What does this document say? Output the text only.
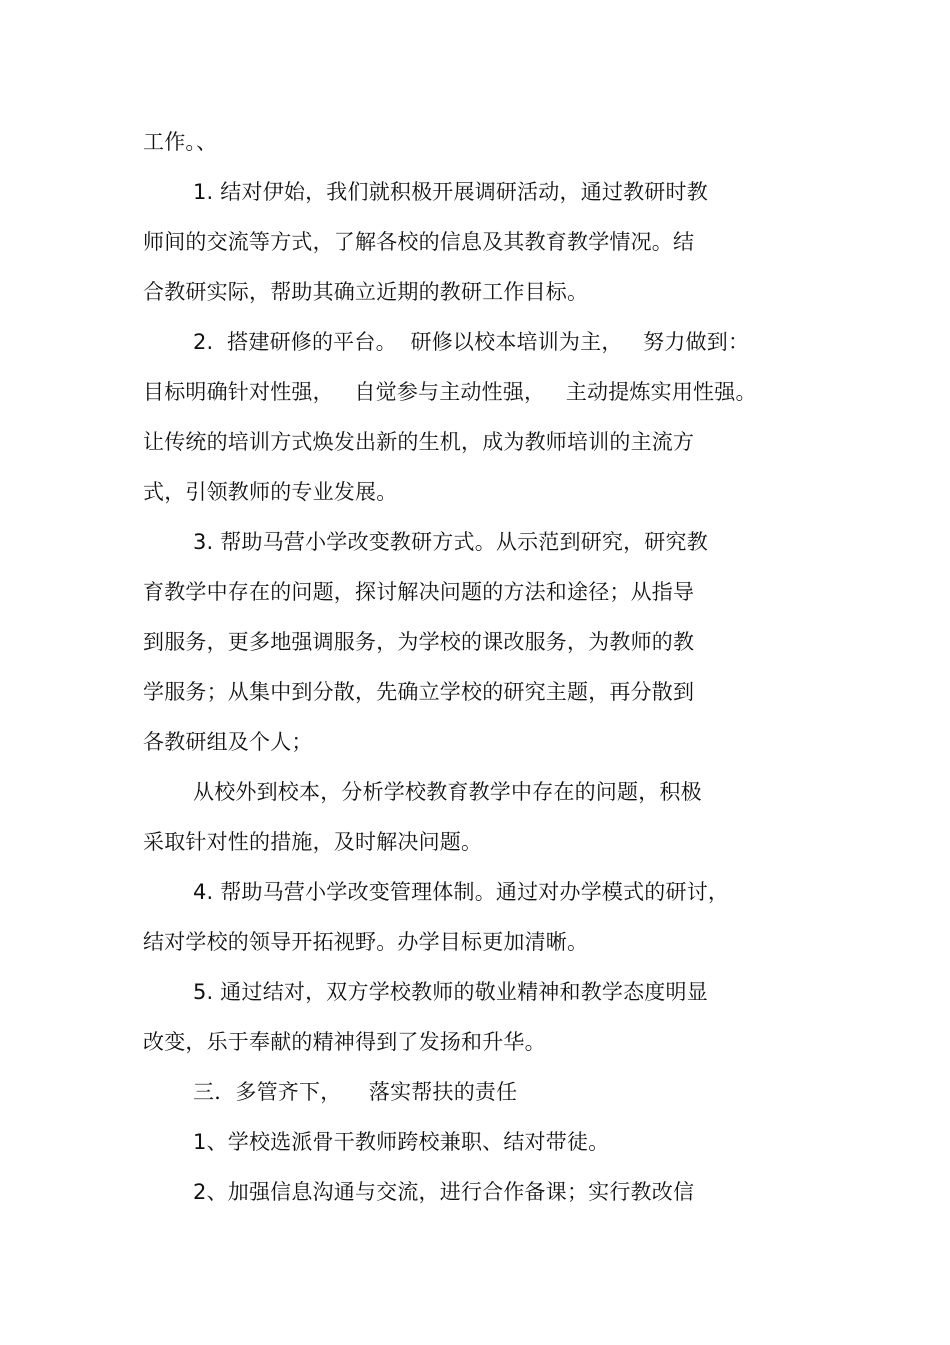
工作。、
1. 结对伊始，我们就积极开展调研活动，通过教研时教
师间的交流等方式，了解各校的信息及其教育教学情况。结
合教研实际，帮助其确立近期的教研工作目标。
2.  搭建研修的平台。  研修以校本培训为主，   努力做到：
目标明确针对性强，   自觉参与主动性强，   主动提炼实用性强。
让传统的培训方式焕发出新的生机，成为教师培训的主流方
式，引领教师的专业发展。
3. 帮助马营小学改变教研方式。从示范到研究，研究教
育教学中存在的问题，探讨解决问题的方法和途径；从指导
到服务，更多地强调服务，为学校的课改服务，为教师的教
学服务；从集中到分散，先确立学校的研究主题，再分散到
各教研组及个人；
从校外到校本，分析学校教育教学中存在的问题，积极
采取针对性的措施，及时解决问题。
4. 帮助马营小学改变管理体制。通过对办学模式的研讨，
结对学校的领导开拓视野。办学目标更加清晰。
5. 通过结对，双方学校教师的敬业精神和教学态度明显
改变，乐于奉献的精神得到了发扬和升华。
三．多管齐下，    落实帮扶的责任
1、学校选派骨干教师跨校兼职、结对带徒。
2、加强信息沟通与交流，进行合作备课；实行教改信
